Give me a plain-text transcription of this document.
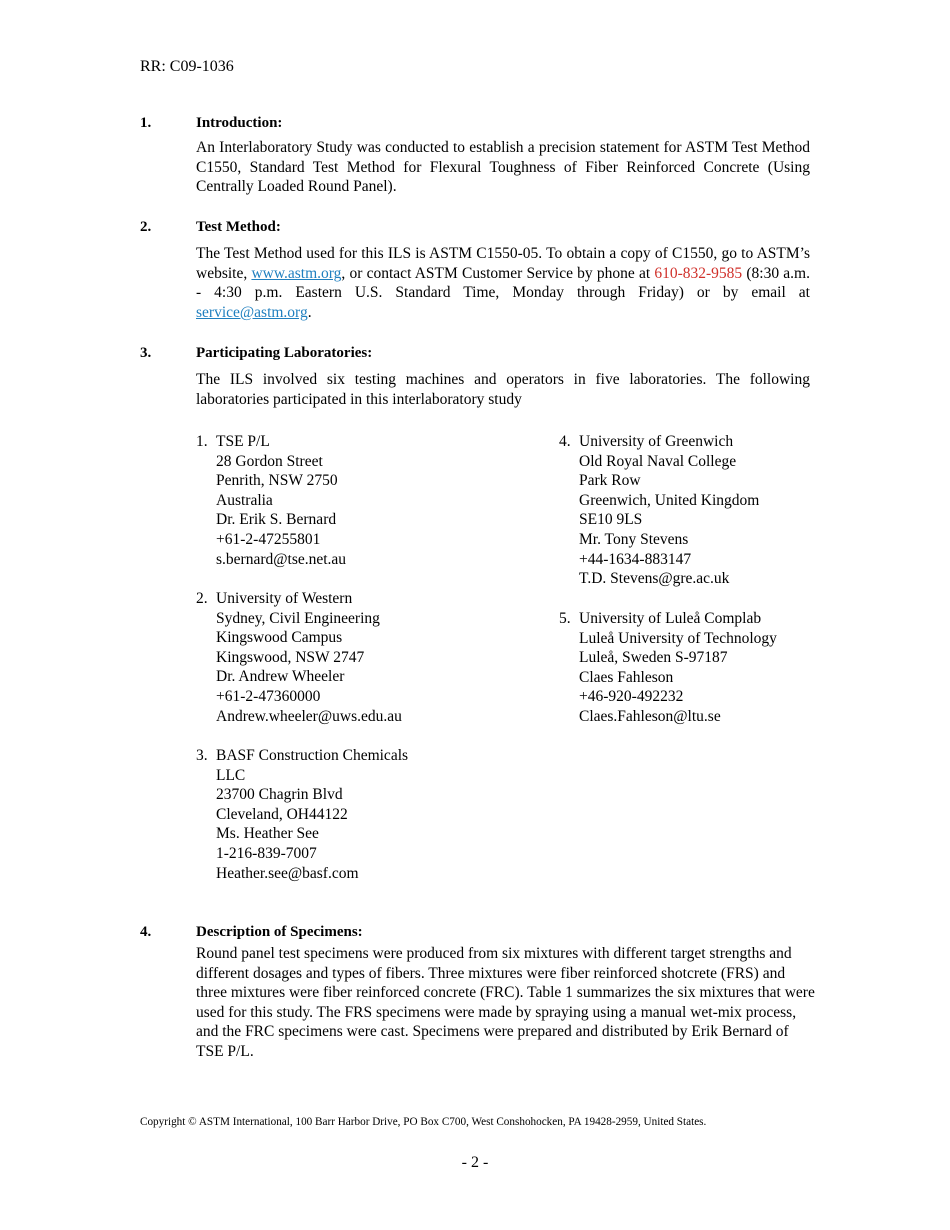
RR: C09-1036
1.	Introduction:
An Interlaboratory Study was conducted to establish a precision statement for ASTM Test Method C1550, Standard Test Method for Flexural Toughness of Fiber Reinforced Concrete (Using Centrally Loaded Round Panel).
2.	Test Method:
The Test Method used for this ILS is ASTM C1550-05. To obtain a copy of C1550, go to ASTM’s website, www.astm.org, or contact ASTM Customer Service by phone at 610-832-9585 (8:30 a.m. - 4:30 p.m. Eastern U.S. Standard Time, Monday through Friday) or by email at service@astm.org.
3.	Participating Laboratories:
The ILS involved six testing machines and operators in five laboratories. The following laboratories participated in this interlaboratory study
1. TSE P/L
28 Gordon Street
Penrith, NSW 2750
Australia
Dr. Erik S. Bernard
+61-2-47255801
s.bernard@tse.net.au
2. University of Western
Sydney, Civil Engineering
Kingswood Campus
Kingswood, NSW 2747
Dr. Andrew Wheeler
+61-2-47360000
Andrew.wheeler@uws.edu.au
3. BASF Construction Chemicals
LLC
23700 Chagrin Blvd
Cleveland, OH44122
Ms. Heather See
1-216-839-7007
Heather.see@basf.com
4. University of Greenwich
Old Royal Naval College
Park Row
Greenwich, United Kingdom
SE10 9LS
Mr. Tony Stevens
+44-1634-883147
T.D. Stevens@gre.ac.uk
5. University of Luleå Complab
Luleå University of Technology
Luleå, Sweden S-97187
Claes Fahleson
+46-920-492232
Claes.Fahleson@ltu.se
4.	Description of Specimens:
Round panel test specimens were produced from six mixtures with different target strengths and different dosages and types of fibers. Three mixtures were fiber reinforced shotcrete (FRS) and three mixtures were fiber reinforced concrete (FRC). Table 1 summarizes the six mixtures that were used for this study. The FRS specimens were made by spraying using a manual wet-mix process, and the FRC specimens were cast. Specimens were prepared and distributed by Erik Bernard of TSE P/L.
Copyright © ASTM International, 100 Barr Harbor Drive, PO Box C700, West Conshohocken, PA 19428-2959, United States.
- 2 -
